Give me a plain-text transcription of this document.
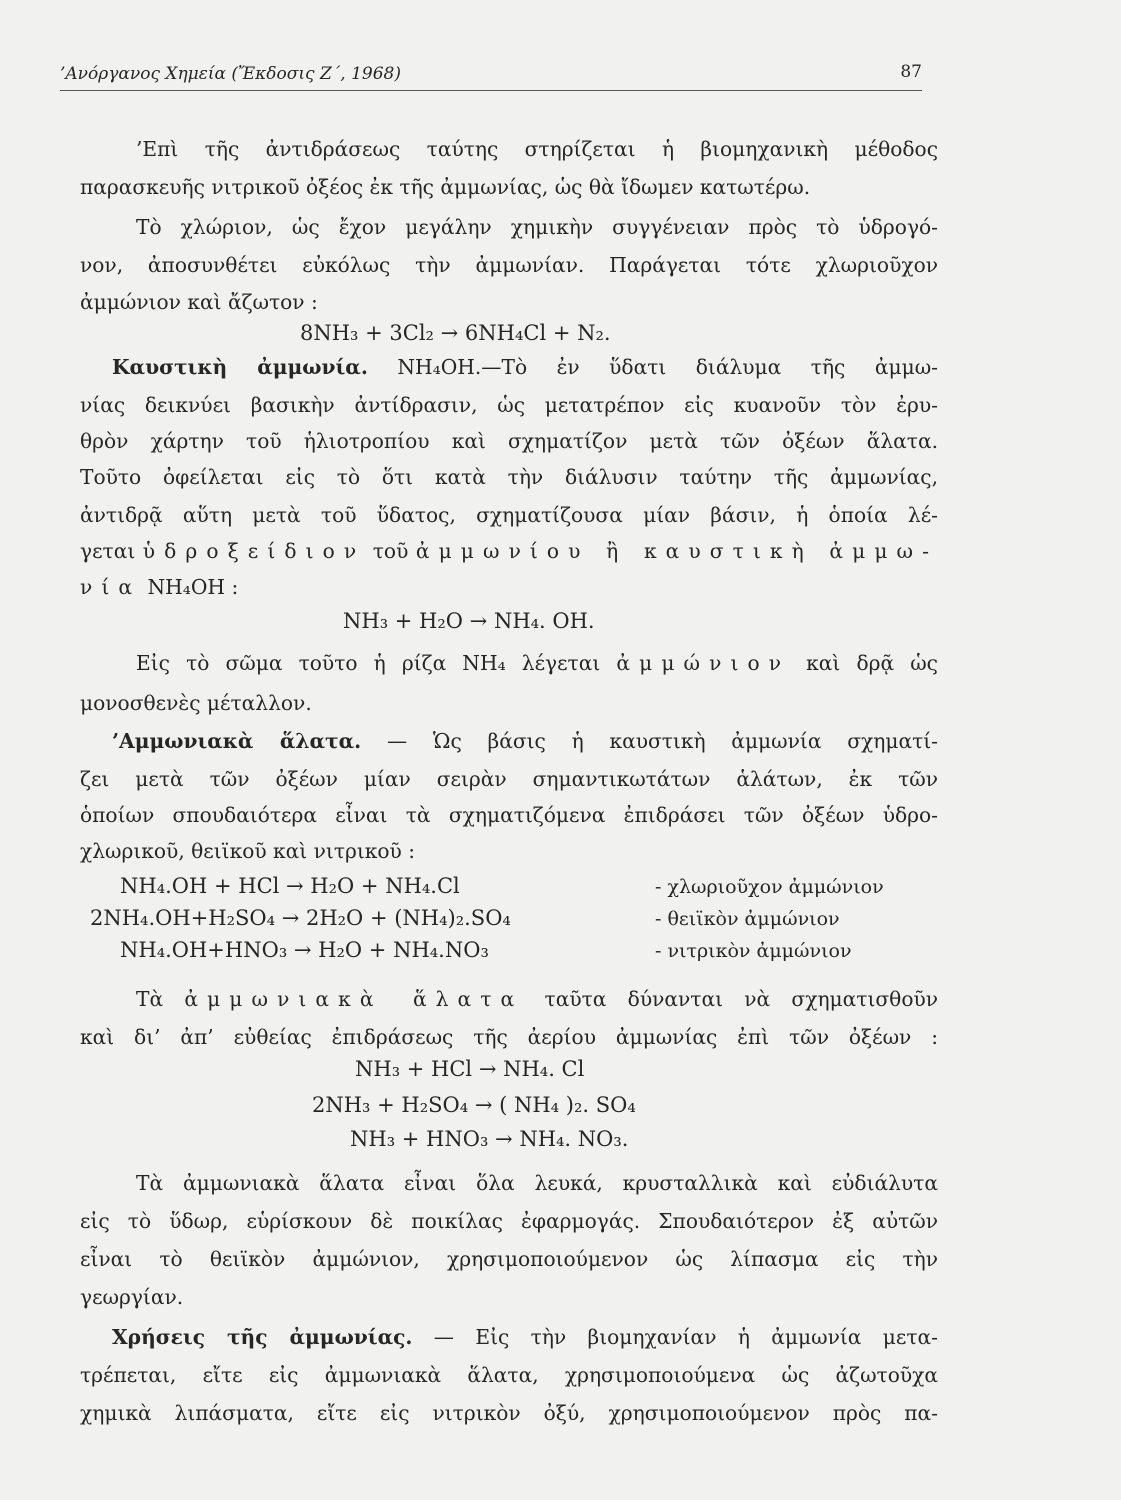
’Ανόργανος Χημεία (Ἔκδοσις Ζ΄, 1968)	87
’Επὶ τῆς ἀντιδράσεως ταύτης στηρίζεται ἡ βιομηχανικὴ μέθοδος
παρασκευῆς νιτρικοῦ ὀξέος ἐκ τῆς ἀμμωνίας, ὡς θὰ ἴδωμεν κατωτέρω.
Τὸ χλώριον, ὡς ἔχον μεγάλην χημικὴν συγγένειαν πρὸς τὸ ὑδρογό-
νον, ἀποσυνθέτει εὐκόλως τὴν ἀμμωνίαν. Παράγεται τότε χλωριοῦχον
ἀμμώνιον καὶ ἄζωτον :
8NH₃ + 3Cl₂ → 6NH₄Cl + N₂.
Καυστικὴ ἀμμωνία. NH₄OH.—Τὸ ἐν ὕδατι διάλυμα τῆς ἀμμω-
νίας δεικνύει βασικὴν ἀντίδρασιν, ὡς μετατρέπον εἰς κυανοῦν τὸν ἐρυ-
θρὸν χάρτην τοῦ ἡλιοτροπίου καὶ σχηματίζον μετὰ τῶν ὀξέων ἅλατα.
Τοῦτο ὀφείλεται εἰς τὸ ὅτι κατὰ τὴν διάλυσιν ταύτην τῆς ἀμμωνίας,
ἀντιδρᾷ αὕτη μετὰ τοῦ ὕδατος, σχηματίζουσα μίαν βάσιν, ἡ ὁποία λέ-
γεται ὑδροξείδιον τοῦ ἀμμωνίου ἢ καυστικὴ ἀμμω-
νία NH₄OH :
NH₃ + H₂O → NH₄. OH.
Εἰς τὸ σῶμα τοῦτο ἡ ρίζα NH₄ λέγεται ἀμμώνιον καὶ δρᾷ ὡς
μονοσθενὲς μέταλλον.
’Αμμωνιακὰ ἅλατα. — Ὡς βάσις ἡ καυστικὴ ἀμμωνία σχηματί-
ζει μετὰ τῶν ὀξέων μίαν σειρὰν σημαντικωτάτων ἁλάτων, ἐκ τῶν
ὁποίων σπουδαιότερα εἶναι τὰ σχηματιζόμενα ἐπιδράσει τῶν ὀξέων ὑδρο-
χλωρικοῦ, θειϊκοῦ καὶ νιτρικοῦ :
NH₄.OH + HCl → H₂O + NH₄.Cl	- χλωριοῦχον ἀμμώνιον
2NH₄.OH+H₂SO₄ → 2H₂O + (NH₄)₂.SO₄	- θειϊκὸν ἀμμώνιον
NH₄.OH+HNO₃ → H₂O + NH₄.NO₃	- νιτρικὸν ἀμμώνιον
Τὰ ἀμμωνιακὰ ἅλατα ταῦτα δύνανται νὰ σχηματισθοῦν
καὶ δι’ ἀπ’ εὐθείας ἐπιδράσεως τῆς ἀερίου ἀμμωνίας ἐπὶ τῶν ὀξέων :
NH₃ + HCl → NH₄. Cl
2NH₃ + H₂SO₄ → ( NH₄ )₂. SO₄
NH₃ + HNO₃ → NH₄. NO₃.
Τὰ ἀμμωνιακὰ ἅλατα εἶναι ὅλα λευκά, κρυσταλλικὰ καὶ εὐδιάλυτα
εἰς τὸ ὕδωρ, εὑρίσκουν δὲ ποικίλας ἐφαρμογάς. Σπουδαιότερον ἐξ αὐτῶν
εἶναι τὸ θειϊκὸν ἀμμώνιον, χρησιμοποιούμενον ὡς λίπασμα εἰς τὴν
γεωργίαν.
Χρήσεις τῆς ἀμμωνίας. — Εἰς τὴν βιομηχανίαν ἡ ἀμμωνία μετα-
τρέπεται, εἴτε εἰς ἀμμωνιακὰ ἅλατα, χρησιμοποιούμενα ὡς ἀζωτοῦχα
χημικὰ λιπάσματα, εἴτε εἰς νιτρικὸν ὀξύ, χρησιμοποιούμενον πρὸς πα-
